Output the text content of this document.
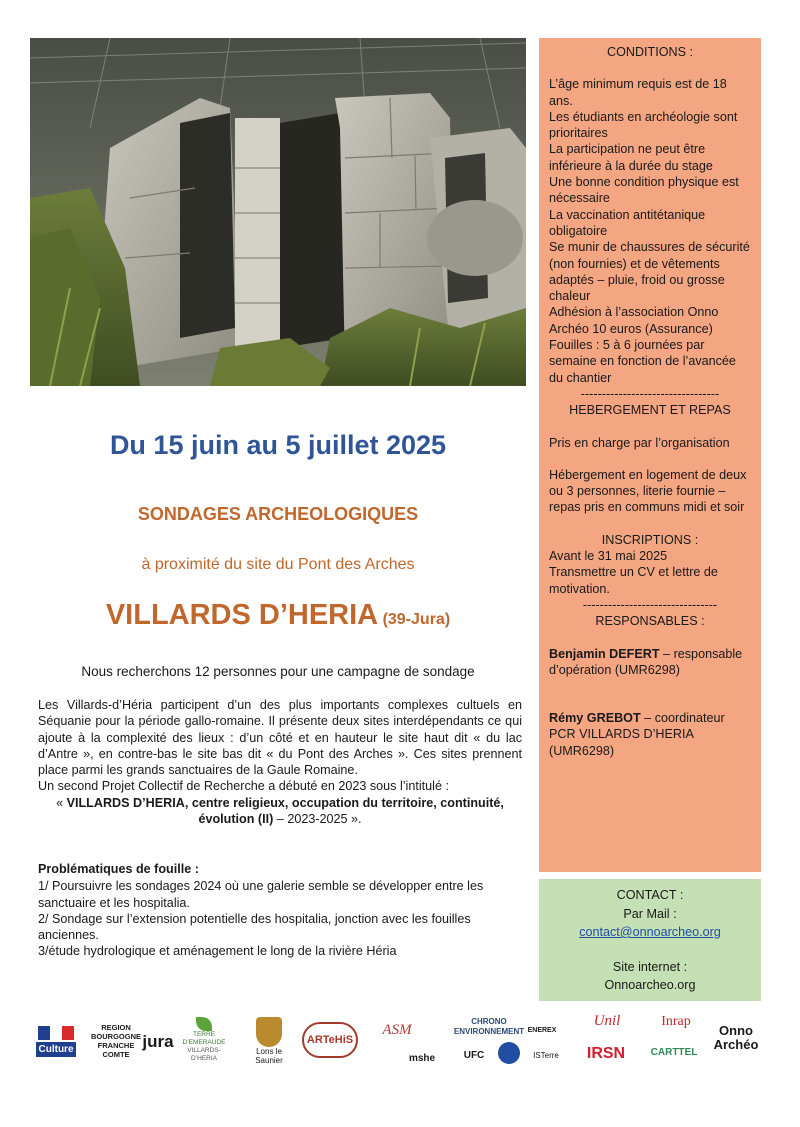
Du 15 juin au 5 juillet 2025
SONDAGES ARCHEOLOGIQUES
à proximité du site du Pont des Arches
VILLARDS D’HERIA (39-Jura)
Nous recherchons 12 personnes pour une campagne de sondage

Les Villards-d’Héria participent d’un des plus importants complexes cultuels en Séquanie pour la période gallo-romaine. Il présente deux sites interdépendants ce qui ajoute à la complexité des lieux : d’un côté et en hauteur le site haut dit « du lac d’Antre », en contre-bas le site bas dit « du Pont des Arches ». Ces sites prennent place parmi les grands sanctuaires de la Gaule Romaine.

Un second Projet Collectif de Recherche a débuté en 2023 sous l’intitulé :

« VILLARDS D’HERIA, centre religieux, occupation du territoire, continuité, évolution (II) – 2023-2025 ».

Problématiques de fouille :
1/ Poursuivre les sondages 2024 où une galerie semble se développer entre les sanctuaire et les hospitalia.
2/ Sondage sur l’extension potentielle des hospitalia, jonction avec les fouilles anciennes.
3/étude hydrologique et aménagement le long de la rivière Héria
CONDITIONS :
L’âge minimum requis est de 18 ans.
Les étudiants en archéologie sont prioritaires
La participation ne peut être inférieure à la durée du stage
Une bonne condition physique est nécessaire
La vaccination antitétanique obligatoire
Se munir de chaussures de sécurité (non fournies) et de vêtements adaptés – pluie, froid ou grosse chaleur
Adhésion à l’association Onno Archéo 10 euros (Assurance)
Fouilles : 5 à 6 journées par semaine en fonction de l’avancée du chantier
---------------------------------
HEBERGEMENT ET REPAS
Pris en charge par l’organisation
Hébergement en logement de deux ou 3 personnes, literie fournie – repas pris en communs midi et soir
INSCRIPTIONS :
Avant le 31 mai 2025
Transmettre un CV et lettre de motivation.
--------------------------------
RESPONSABLES :
Benjamin DEFERT – responsable d’opération (UMR6298)
Rémy GREBOT – coordinateur PCR VILLARDS D’HERIA (UMR6298)
CONTACT :
Par Mail :
contact@onnoarcheo.org
Site internet :
Onnoarcheo.org
Culture
REGION
BOURGOGNE
FRANCHE
COMTE
jura	TERRE D’EMERAUDE
VILLARDS-D’HERIA
Lons le Saunier
ARTeHiS
ASM
mshe
CHRONO
ENVIRONNEMENT
UFC
ENEREX
ISTerre
Unil
IRSN
Inrap
CARTTEL
Onno
Archéo
